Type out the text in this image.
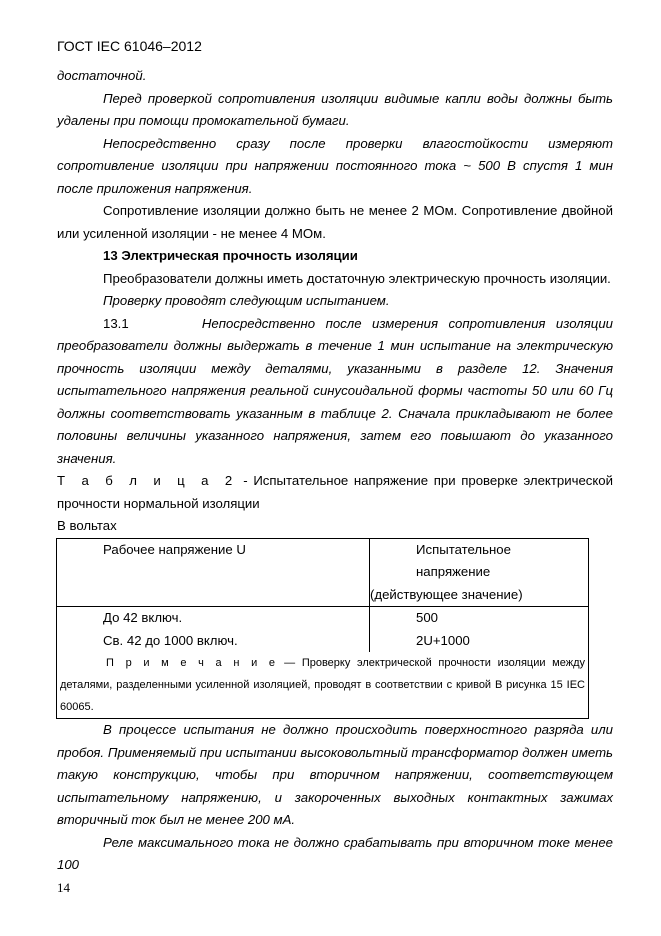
ГОСТ IEC 61046–2012

достаточной.

Перед проверкой сопротивления изоляции видимые капли воды должны быть удалены при помощи промокательной бумаги.

Непосредственно сразу после проверки влагостойкости измеряют сопротивление изоляции при напряжении постоянного тока ~ 500 В спустя 1 мин после приложения напряжения.

Сопротивление изоляции должно быть не менее 2 МОм. Сопротивление двойной или усиленной изоляции - не менее 4 МОм.

13 Электрическая прочность изоляции

Преобразователи должны иметь достаточную электрическую прочность изоляции.

Проверку проводят следующим испытанием.

13.1	Непосредственно после измерения сопротивления изоляции преобразователи должны выдержать в течение 1 мин испытание на электрическую прочность изоляции между деталями, указанными в разделе 12. Значения испытательного напряжения реальной синусоидальной формы частоты 50 или 60 Гц должны соответствовать указанным в таблице 2. Сначала прикладывают не более половины величины указанного напряжения, затем его повышают до указанного значения.

Т а б л и ц а 2 - Испытательное напряжение при проверке электрической прочности нормальной изоляции

В вольтах

Рабочее напряжение U	Испытательное напряжение
(действующее значение)

До 42 включ.	500
Св. 42 до 1000 включ.	2U+1000
П р и м е ч а н и е — Проверку электрической прочности изоляции между деталями, разделенными усиленной изоляцией, проводят в соответствии с кривой В рисунка 15 IEC 60065.	

В процессе испытания не должно происходить поверхностного разряда или пробоя. Применяемый при испытании высоковольтный трансформатор должен иметь такую конструкцию, чтобы при вторичном напряжении, соответствующем испытательному напряжению, и закороченных выходных контактных зажимах вторичный ток был не менее 200 мА.

Реле максимального тока не должно срабатывать при вторичном токе менее 100

14
